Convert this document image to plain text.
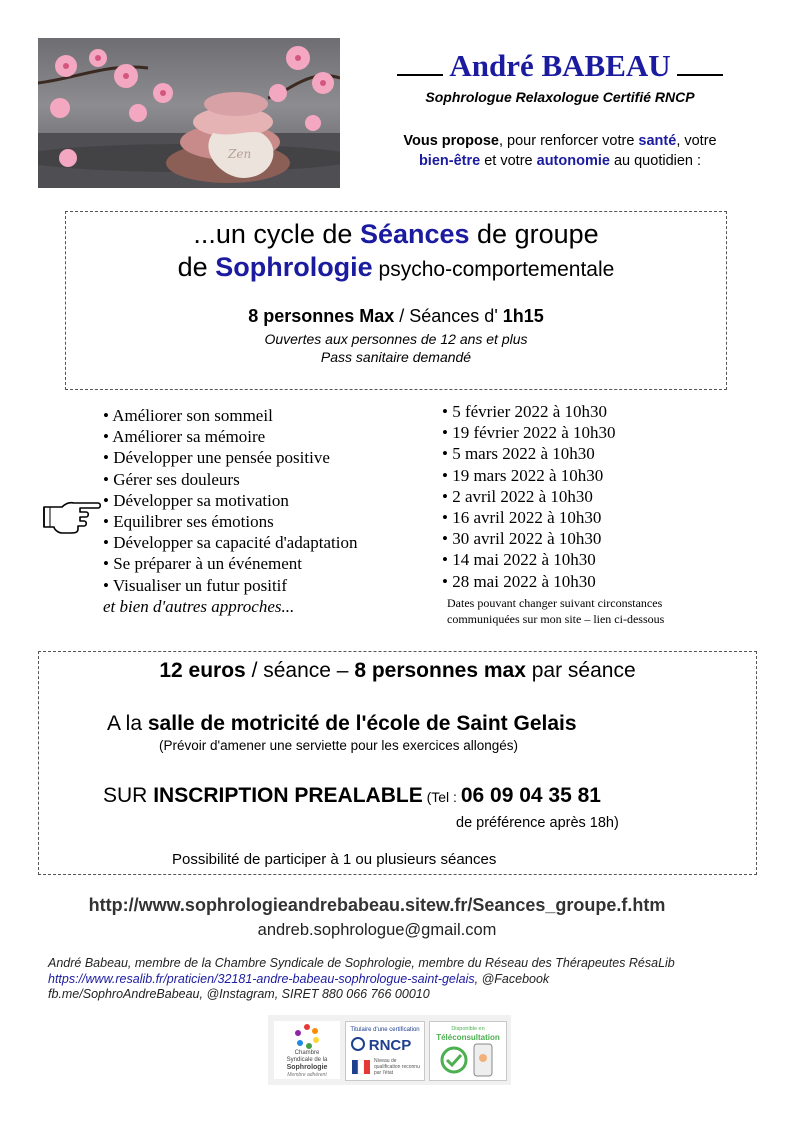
Zen
André BABEAU
Sophrologue Relaxologue Certifié RNCP
Vous propose, pour renforcer votre santé, votre
bien-être et votre autonomie au quotidien :
...un cycle de Séances de groupe
de Sophrologie psycho-comportementale
8 personnes Max / Séances d' 1h15
Ouvertes aux personnes de 12 ans et plus
Pass sanitaire demandé
• Améliorer son sommeil
• Améliorer sa mémoire
• Développer une pensée positive
• Gérer ses douleurs
• Développer sa motivation
• Equilibrer ses émotions
• Développer sa capacité d'adaptation
• Se préparer à un événement
• Visualiser un futur positif
et bien d'autres approches...
• 5 février 2022 à 10h30
• 19 février 2022 à 10h30
• 5 mars 2022 à 10h30
• 19 mars 2022 à 10h30
• 2 avril 2022 à 10h30
• 16 avril 2022 à 10h30
• 30 avril 2022 à 10h30
• 14 mai 2022 à 10h30
• 28 mai 2022 à 10h30
Dates pouvant changer suivant circonstances
communiquées sur mon site – lien ci-dessous
12 euros / séance – 8 personnes max par séance
A la salle de motricité de l'école de Saint Gelais
(Prévoir d'amener une serviette pour les exercices allongés)
SUR INSCRIPTION PREALABLE (Tel : 06 09 04 35 81
de préférence après 18h)
Possibilité de participer à 1 ou plusieurs séances
http://www.sophrologieandrebabeau.sitew.fr/Seances_groupe.f.htm
andreb.sophrologue@gmail.com
André Babeau, membre de la Chambre Syndicale de Sophrologie, membre du Réseau des Thérapeutes RésaLib
https://www.resalib.fr/praticien/32181-andre-babeau-sophrologue-saint-gelais, @Facebook
fb.me/SophroAndreBabeau, @Instagram, SIRET 880 066 766 00010
Chambre
Syndicale de la
Sophrologie
Membre adhérent
Titulaire d'une certification
RNCP
Niveau de qualification reconnu par l'état
Disponible en
Téléconsultation
